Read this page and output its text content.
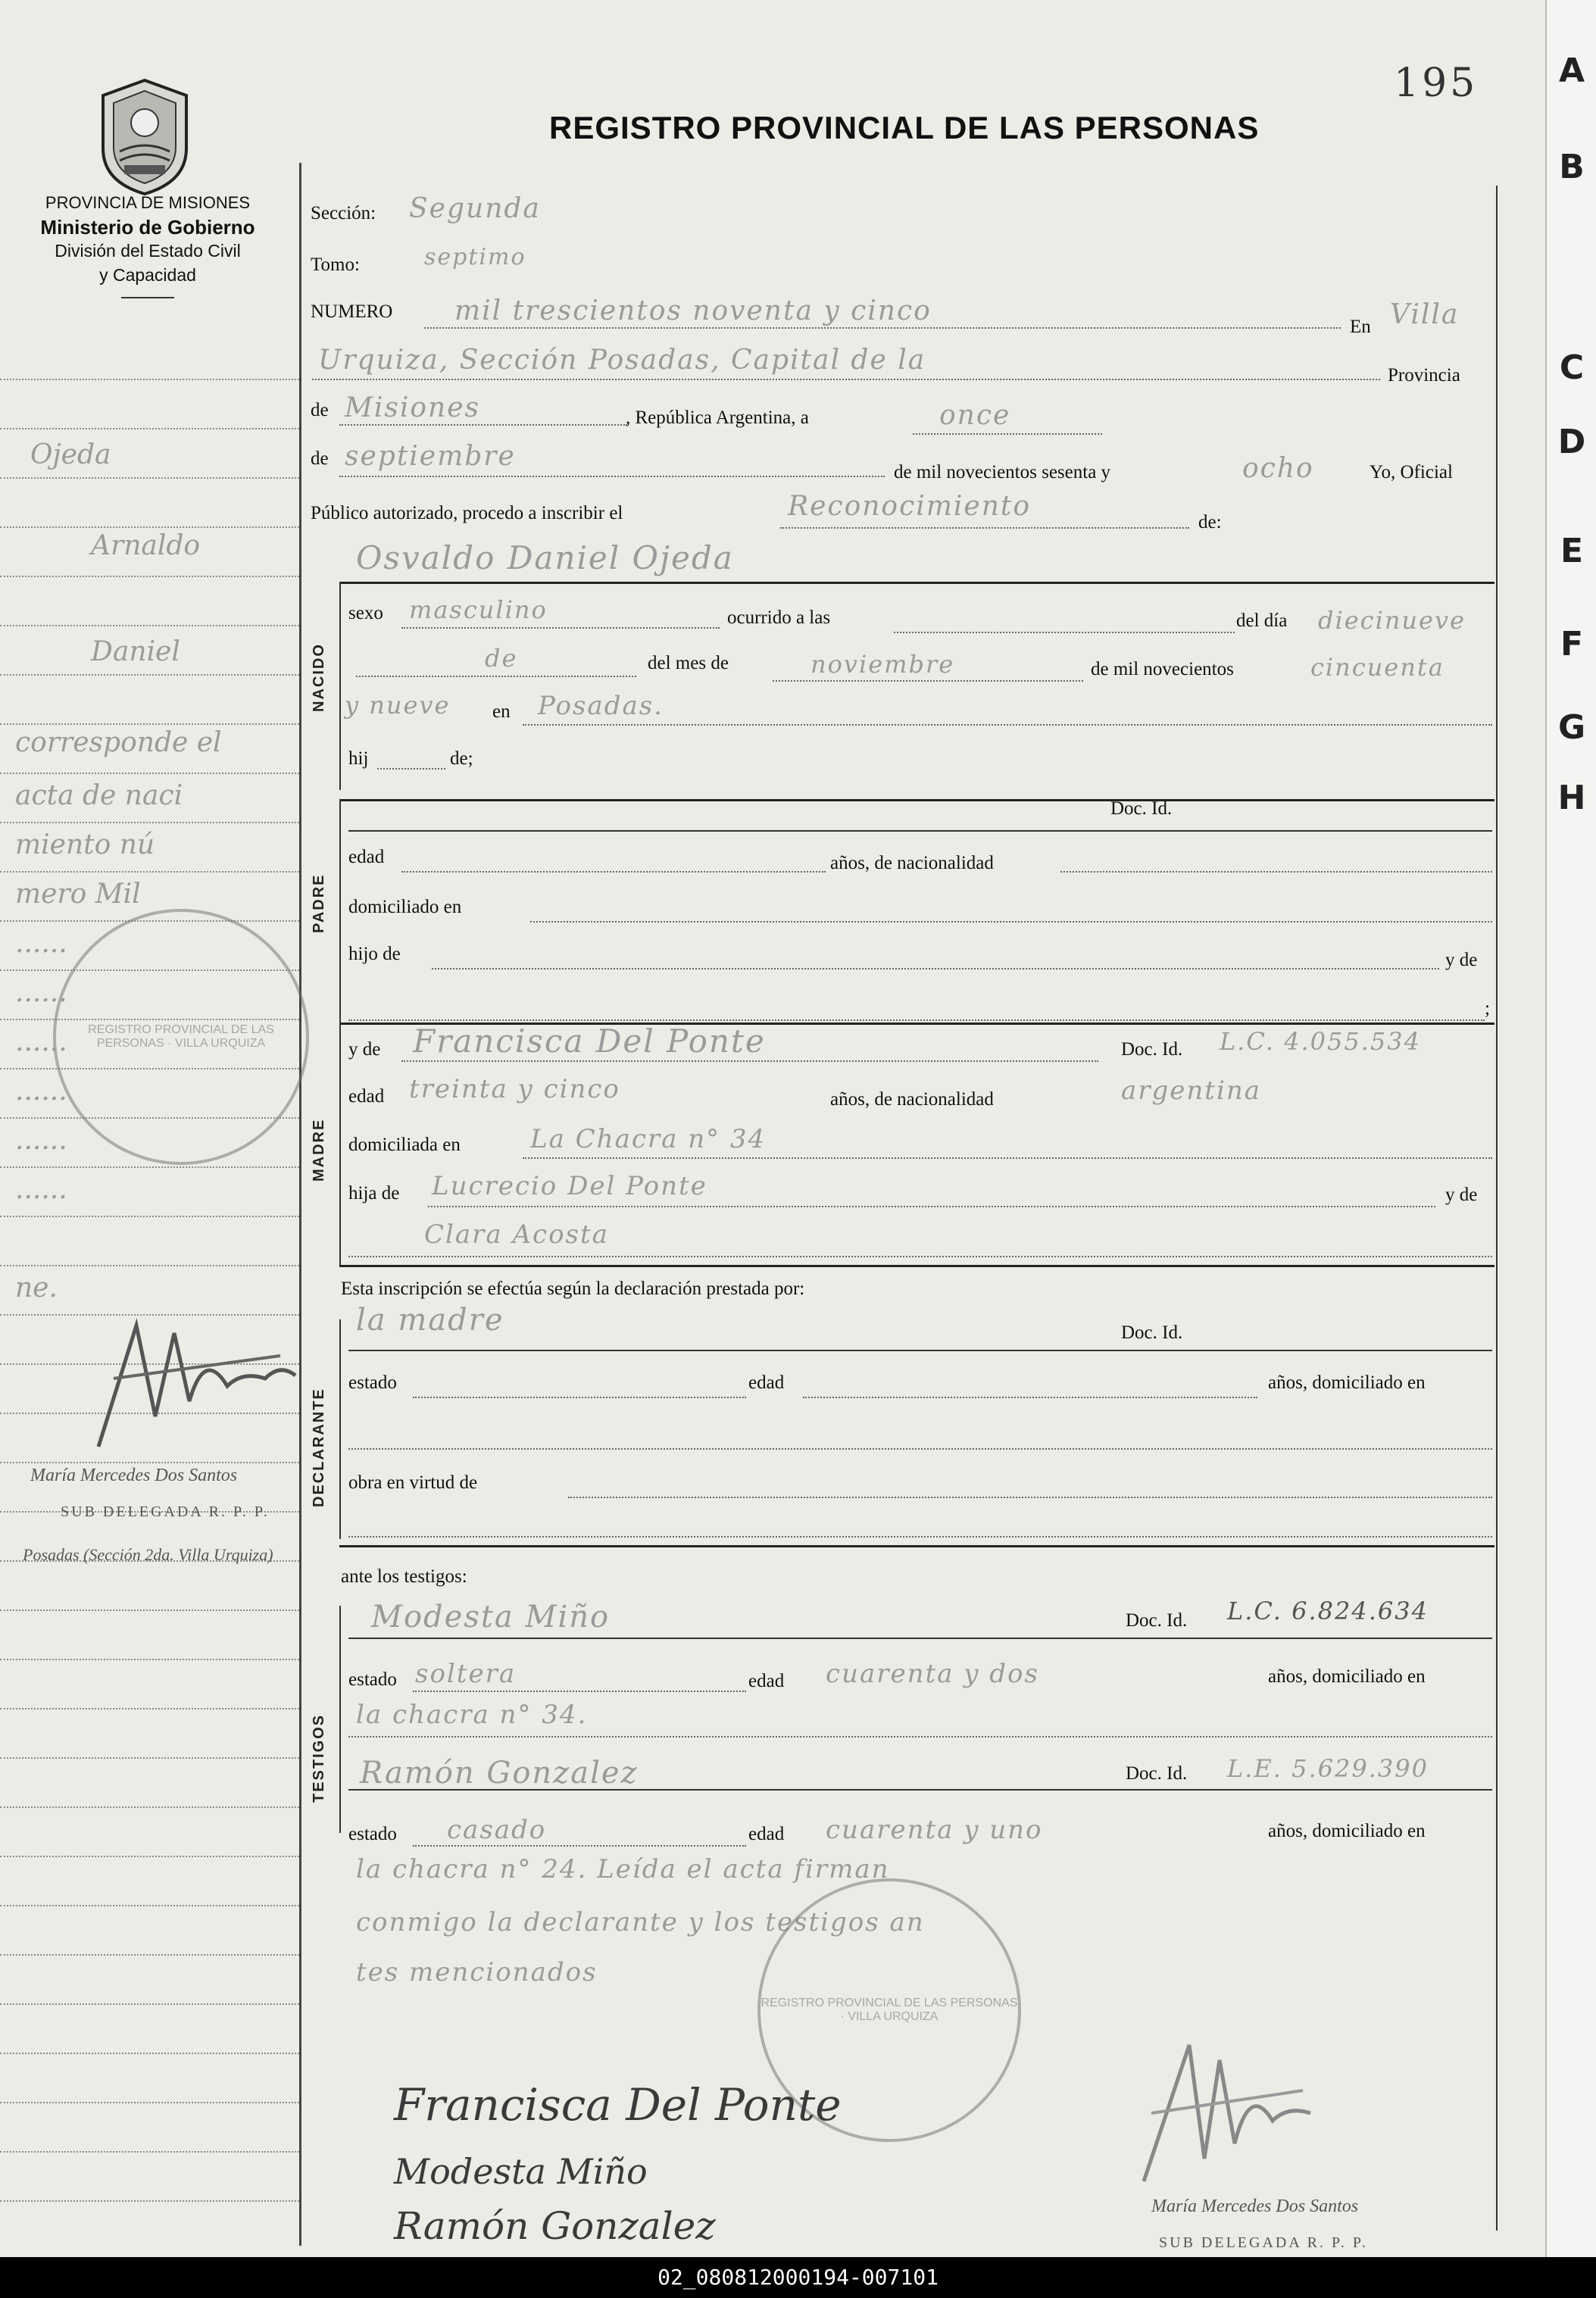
PROVINCIA DE MISIONES
Ministerio de Gobierno
División del Estado Civil
y Capacidad
REGISTRO PROVINCIAL DE LAS PERSONAS
195
Sección: Segunda
Tomo:	septimo
NUMERO mil trescientos noventa y cinco
En Villa
Urquiza, Sección Posadas, Capital de la	Provincia
de Misiones	, República Argentina, a	once
de septiembre
de mil novecientos sesenta y	ocho	Yo, Oficial
Público autorizado, procedo a inscribir el	Reconocimiento
de:
Osvaldo Daniel Ojeda
NACIDO
sexo masculino	ocurrido a las	del día diecinueve
de	del mes de	noviembre	de mil novecientos	cincuenta
y nueve en Posadas.
hij	de;
PADRE
Doc. Id.
edad	años, de nacionalidad
domiciliado en
hijo de	y de
;
MADRE
y de Francisca Del Ponte	Doc. Id. L.C. 4.055.534
edad treinta y cinco	años, de nacionalidad	argentina
domiciliada en	La Chacra n° 34
hija de Lucrecio Del Ponte	y de
Clara Acosta
Esta inscripción se efectúa según la declaración prestada por:
DECLARANTE
la madre	Doc. Id.
estado	edad	años, domiciliado en
obra en virtud de
ante los testigos:
TESTIGOS
Modesta Miño	Doc. Id. L.C. 6.824.634
estado soltera	edad cuarenta y dos	años, domiciliado en
la chacra n° 34.
Ramón Gonzalez	Doc. Id. L.E. 5.629.390
estado casado	edad cuarenta y uno	años, domiciliado en
la chacra n° 24. Leída el acta firman
conmigo la declarante y los testigos an
tes mencionados
REGISTRO PROVINCIAL DE LAS PERSONAS · VILLA URQUIZA
REGISTRO PROVINCIAL DE LAS PERSONAS · VILLA URQUIZA
Ojeda
Arnaldo
Daniel
corresponde el
acta de naci
miento nú
mero Mil
......
......
......
......
......
......
ne.
María Mercedes Dos Santos
SUB DELEGADA R. P. P.
Posadas (Sección 2da. Villa Urquiza)
Francisca Del Ponte
Modesta Miño
Ramón Gonzalez	María Mercedes Dos Santos
SUB DELEGADA R. P. P.
A
B
C
D
E
F
G
H
02_080812000194-007101
